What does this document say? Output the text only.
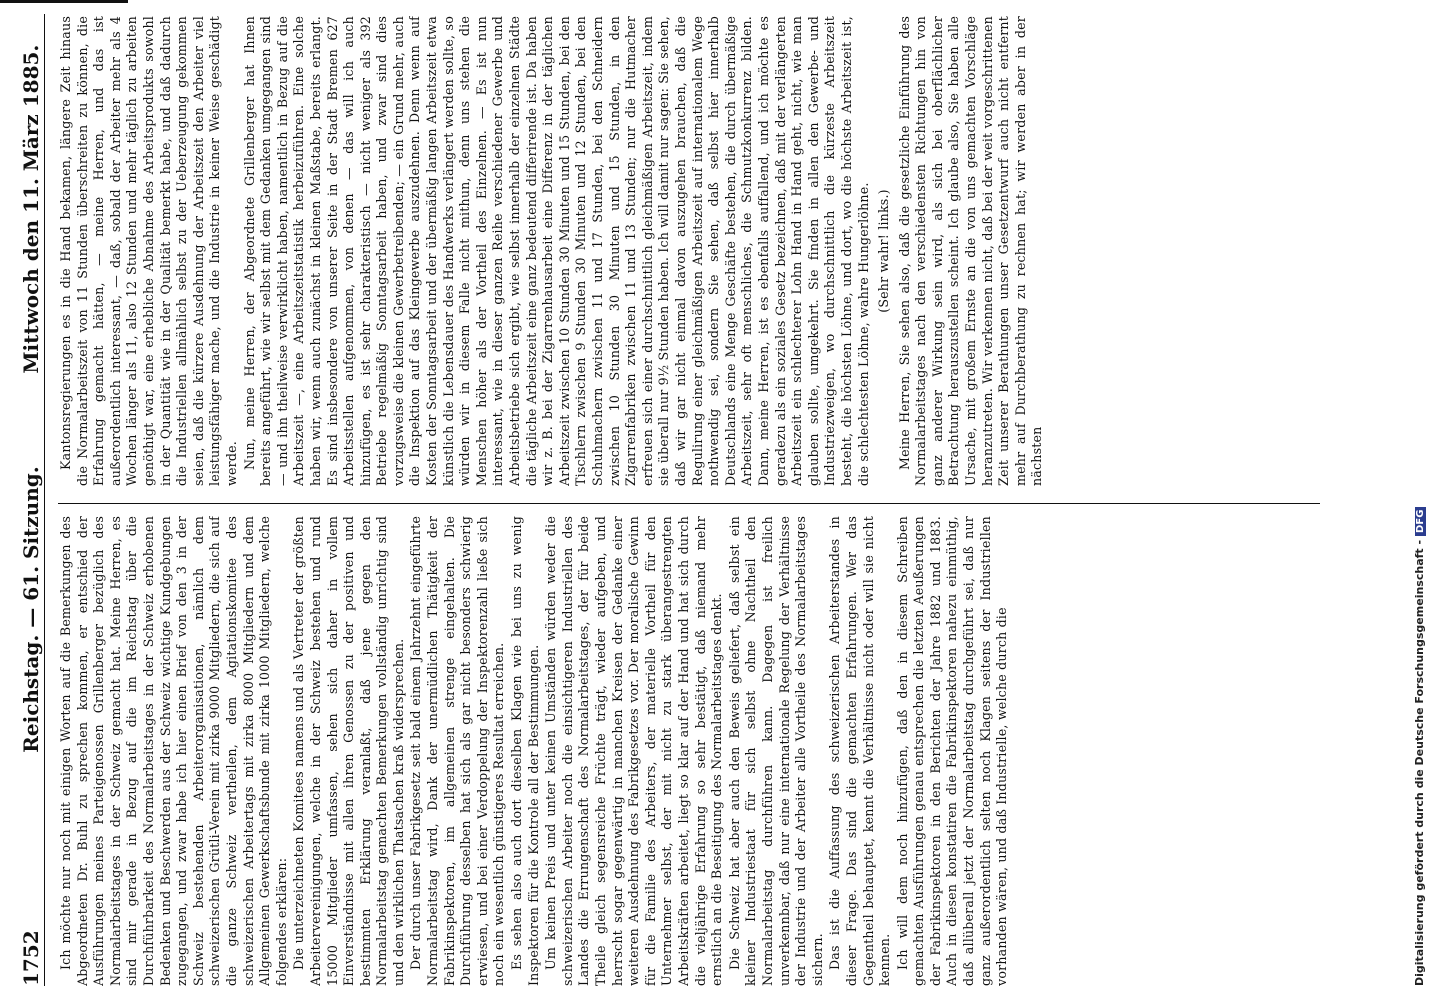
1752
Reichstag. — 61. Sitzung.
Mittwoch den 11. März 1885.

Ich möchte nur noch mit einigen Worten auf die Bemerkungen des Abgeordneten Dr. Buhl zu sprechen kommen, er entschied der Ausführungen meines Parteigenossen Grillenberger bezüglich des Normalarbeitstages in der Schweiz gemacht hat. Meine Herren, es sind mir gerade in Bezug auf die im Reichstag über die Durchführbarkeit des Normalarbeitstages in der Schweiz erhobenen Bedenken und Beschwerden aus der Schweiz wichtige Kundgebungen zugegangen, und zwar habe ich hier einen Brief von den 3 in der Schweiz bestehenden Arbeiterorganisationen, nämlich dem schweizerischen Grütli-Verein mit zirka 9000 Mitgliedern, die sich auf die ganze Schweiz vertheilen, dem Agitationskomitee des schweizerischen Arbeitertags mit zirka 8000 Mitgliedern und dem Allgemeinen Gewerkschaftsbunde mit zirka 1000 Mitgliedern, welche folgendes erklären: Die unterzeichneten Komitees namens und als Vertreter der größten Arbeitervereinigungen, welche in der Schweiz bestehen und rund 15000 Mitglieder umfassen, sehen sich daher in vollem Einverständnisse mit allen ihren Genossen zu der positiven und bestimmten Erklärung veranlaßt, daß jene gegen den Normalarbeitstag gemachten Bemerkungen vollständig unrichtig sind und den wirklichen Thatsachen kraß widersprechen. Der durch unser Fabrikgesetz seit bald einem Jahrzehnt eingeführte Normalarbeitstag wird, Dank der unermüdlichen Thätigkeit der Fabrikinspektoren, im allgemeinen strenge eingehalten. Die Durchführung desselben hat sich als gar nicht besonders schwierig erwiesen, und bei einer Verdoppelung der Inspektorenzahl ließe sich noch ein wesentlich günstigeres Resultat erreichen. Es sehen also auch dort dieselben Klagen wie bei uns zu wenig Inspektoren für die Kontrole all der Bestimmungen. Um keinen Preis und unter keinen Umständen würden weder die schweizerischen Arbeiter noch die einsichtigeren Industriellen des Landes die Errungenschaft des Normalarbeitstages, der für beide Theile gleich segensreiche Früchte trägt, wieder aufgeben, und herrscht sogar gegenwärtig in manchen Kreisen der Gedanke einer weiteren Ausdehnung des Fabrikgesetzes vor. Der moralische Gewinn für die Familie des Arbeiters, der materielle Vortheil für den Unternehmer selbst, der mit nicht zu stark überangestrengten Arbeitskräften arbeitet, liegt so klar auf der Hand und hat sich durch die vieljährige Erfahrung so sehr bestätigt, daß niemand mehr ernstlich an die Beseitigung des Normalarbeitstages denkt. Die Schweiz hat aber auch den Beweis geliefert, daß selbst ein kleiner Industriestaat für sich selbst ohne Nachtheil den Normalarbeitstag durchführen kann. Dagegen ist freilich unverkennbar, daß nur eine internationale Regelung der Verhältnisse der Industrie und der Arbeiter alle Vortheile des Normalarbeitstages sichern. Das ist die Auffassung des schweizerischen Arbeiterstandes in dieser Frage. Das sind die gemachten Erfahrungen. Wer das Gegentheil behauptet, kennt die Verhältnisse nicht oder will sie nicht kennen. Ich will dem noch hinzufügen, daß den in diesem Schreiben gemachten Ausführungen genau entsprechen die letzten Aeußerungen der Fabrikinspektoren in den Berichten der Jahre 1882 und 1883. Auch in diesen konstatiren die Fabrikinspektoren nahezu einmüthig, daß allüberall jetzt der Normalarbeitstag durchgeführt sei, daß nur ganz außerordentlich selten noch Klagen seitens der Industriellen vorhanden wären, und daß Industrielle, welche durch die

Kantonsregierungen es in die Hand bekamen, längere Zeit hinaus die Normalarbeitszeit von 11 Stunden überschreiten zu können, die Erfahrung gemacht hätten, — meine Herren, und das ist außerordentlich interessant, — daß, sobald der Arbeiter mehr als 4 Wochen länger als 11, also 12 Stunden und mehr täglich zu arbeiten genöthigt war, eine erhebliche Abnahme des Arbeitsprodukts sowohl in der Quantität wie in der Qualität bemerkt habe, und daß dadurch die Industriellen allmählich selbst zu der Ueberzeugung gekommen seien, daß die kürzere Ausdehnung der Arbeitszeit den Arbeiter viel leistungsfähiger mache, und die Industrie in keiner Weise geschädigt werde. Nun, meine Herren, der Abgeordnete Grillenberger hat Ihnen bereits angeführt, wie wir selbst mit dem Gedanken umgegangen sind — und ihn theilweise verwirklicht haben, namentlich in Bezug auf die Arbeitszeit —, eine Arbeitszeitstatistik herbeizuführen. Eine solche haben wir, wenn auch zunächst in kleinen Maßstabe, bereits erlangt. Es sind insbesondere von unserer Seite in der Stadt Bremen 627 Arbeitsstellen aufgenommen, von denen — das will ich auch hinzufügen, es ist sehr charakteristisch — nicht weniger als 392 Betriebe regelmäßig Sonntagsarbeit haben, und zwar sind dies vorzugsweise die kleinen Gewerbetreibenden; — ein Grund mehr, auch die Inspektion auf das Kleingewerbe auszudehnen. Denn wenn auf Kosten der Sonntagsarbeit und der übermäßig langen Arbeitszeit etwa künstlich die Lebensdauer des Handwerks verlängert werden sollte, so würden wir in diesem Falle nicht mithun, denn uns stehen die Menschen höher als der Vortheil des Einzelnen. — Es ist nun interessant, wie in dieser ganzen Reihe verschiedener Gewerbe und Arbeitsbetriebe sich ergibt, wie selbst innerhalb der einzelnen Städte die tägliche Arbeitszeit eine ganz bedeutend differirende ist. Da haben wir z. B. bei der Zigarrenhausarbeit eine Differenz in der täglichen Arbeitszeit zwischen 10 Stunden 30 Minuten und 15 Stunden, bei den Tischlern zwischen 9 Stunden 30 Minuten und 12 Stunden, bei den Schuhmachern zwischen 11 und 17 Stunden, bei den Schneidern zwischen 10 Stunden 30 Minuten und 15 Stunden, in den Zigarrenfabriken zwischen 11 und 13 Stunden; nur die Hutmacher erfreuen sich einer durchschnittlich gleichmäßigen Arbeitszeit, indem sie überall nur 9½ Stunden haben. Ich will damit nur sagen: Sie sehen, daß wir gar nicht einmal davon auszugehen brauchen, daß die Regulirung einer gleichmäßigen Arbeitszeit auf internationalem Wege nothwendig sei, sondern Sie sehen, daß selbst hier innerhalb Deutschlands eine Menge Geschäfte bestehen, die durch übermäßige Arbeitszeit, sehr oft menschliches, die Schmutzkonkurrenz bilden. Dann, meine Herren, ist es ebenfalls auffallend, und ich möchte es geradezu als ein soziales Gesetz bezeichnen, daß mit der verlängerten Arbeitszeit ein schlechterer Lohn Hand in Hand geht, nicht, wie man glauben sollte, umgekehrt. Sie finden in allen den Gewerbe- und Industriezweigen, wo durchschnittlich die kürzeste Arbeitszeit besteht, die höchsten Löhne, und dort, wo die höchste Arbeitszeit ist, die schlechtesten Löhne, wahre Hungerlöhne. (Sehr wahr! links.) Meine Herren, Sie sehen also, daß die gesetzliche Einführung des Normalarbeitstages nach den verschiedensten Richtungen hin von ganz anderer Wirkung sein wird, als sich bei oberflächlicher Betrachtung herauszustellen scheint. Ich glaube also, Sie haben alle Ursache, mit großem Ernste an die von uns gemachten Vorschläge heranzutreten. Wir verkennen nicht, daß bei der weit vorgeschrittenen Zeit unserer Berathungen unser Gesetzentwurf auch nicht entfernt mehr auf Durchberathung zu rechnen hat; wir werden aber in der nächsten

Digitalisierung gefördert durch die Deutsche Forschungsgemeinschaft -DFG
